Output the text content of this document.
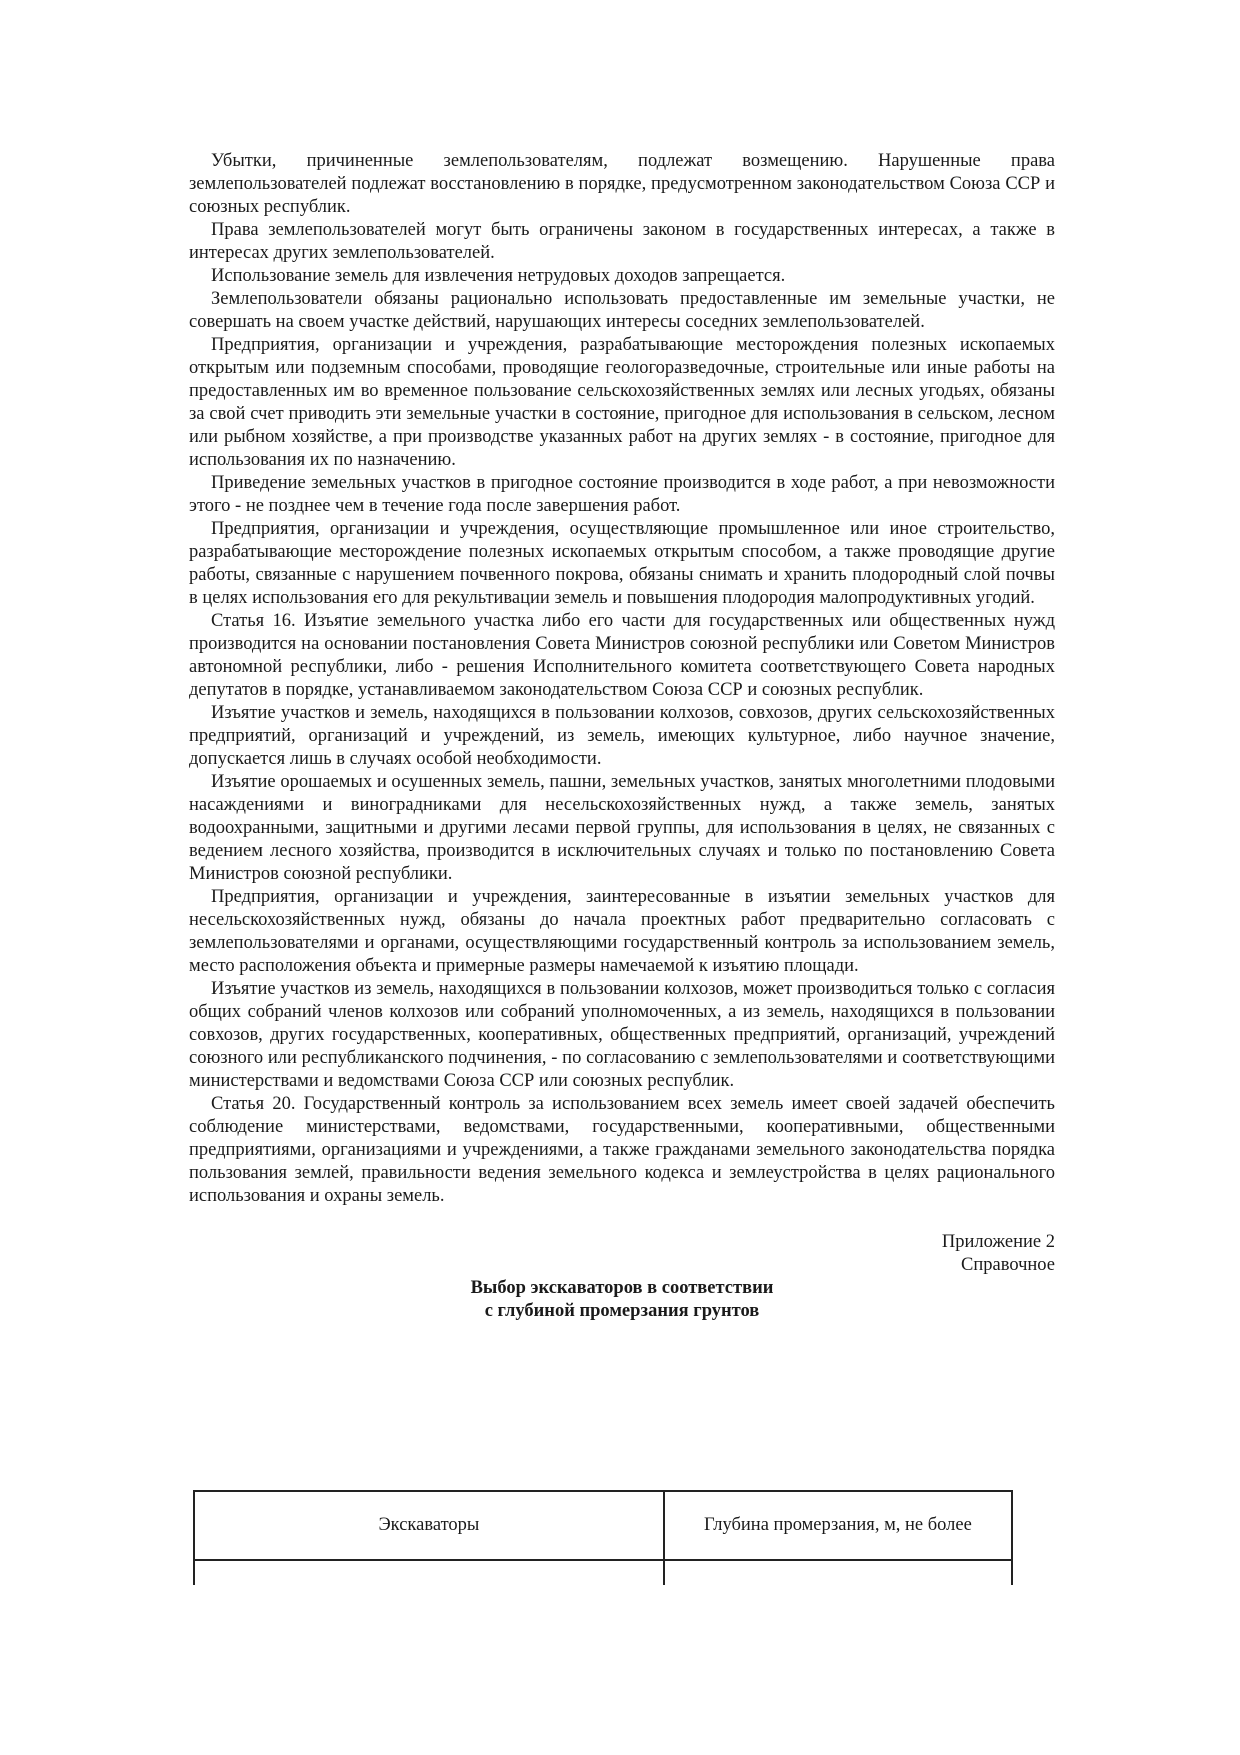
Убытки, причиненные землепользователям, подлежат возмещению. Нарушенные права землепользователей подлежат восстановлению в порядке, предусмотренном законодательством Союза ССР и союзных республик.

Права землепользователей могут быть ограничены законом в государственных интересах, а также в интересах других землепользователей.

Использование земель для извлечения нетрудовых доходов запрещается.

Землепользователи обязаны рационально использовать предоставленные им земельные участки, не совершать на своем участке действий, нарушающих интересы соседних землепользователей.

Предприятия, организации и учреждения, разрабатывающие месторождения полезных ископаемых открытым или подземным способами, проводящие геологоразведочные, строительные или иные работы на предоставленных им во временное пользование сельскохозяйственных землях или лесных угодьях, обязаны за свой счет приводить эти земельные участки в состояние, пригодное для использования в сельском, лесном или рыбном хозяйстве, а при производстве указанных работ на других землях - в состояние, пригодное для использования их по назначению.

Приведение земельных участков в пригодное состояние производится в ходе работ, а при невозможности этого - не позднее чем в течение года после завершения работ.

Предприятия, организации и учреждения, осуществляющие промышленное или иное строительство, разрабатывающие месторождение полезных ископаемых открытым способом, а также проводящие другие работы, связанные с нарушением почвенного покрова, обязаны снимать и хранить плодородный слой почвы в целях использования его для рекультивации земель и повышения плодородия малопродуктивных угодий.

Статья 16. Изъятие земельного участка либо его части для государственных или общественных нужд производится на основании постановления Совета Министров союзной республики или Советом Министров автономной республики, либо - решения Исполнительного комитета соответствующего Совета народных депутатов в порядке, устанавливаемом законодательством Союза ССР и союзных республик.

Изъятие участков и земель, находящихся в пользовании колхозов, совхозов, других сельскохозяйственных предприятий, организаций и учреждений, из земель, имеющих культурное, либо научное значение, допускается лишь в случаях особой необходимости.

Изъятие орошаемых и осушенных земель, пашни, земельных участков, занятых многолетними плодовыми насаждениями и виноградниками для несельскохозяйственных нужд, а также земель, занятых водоохранными, защитными и другими лесами первой группы, для использования в целях, не связанных с ведением лесного хозяйства, производится в исключительных случаях и только по постановлению Совета Министров союзной республики.

Предприятия, организации и учреждения, заинтересованные в изъятии земельных участков для несельскохозяйственных нужд, обязаны до начала проектных работ предварительно согласовать с землепользователями и органами, осуществляющими государственный контроль за использованием земель, место расположения объекта и примерные размеры намечаемой к изъятию площади.

Изъятие участков из земель, находящихся в пользовании колхозов, может производиться только с согласия общих собраний членов колхозов или собраний уполномоченных, а из земель, находящихся в пользовании совхозов, других государственных, кооперативных, общественных предприятий, организаций, учреждений союзного или республиканского подчинения, - по согласованию с землепользователями и соответствующими министерствами и ведомствами Союза ССР или союзных республик.

Статья 20. Государственный контроль за использованием всех земель имеет своей задачей обеспечить соблюдение министерствами, ведомствами, государственными, кооперативными, общественными предприятиями, организациями и учреждениями, а также гражданами земельного законодательства порядка пользования землей, правильности ведения земельного кодекса и землеустройства в целях рационального использования и охраны земель.

Приложение 2

Справочное

Выбор экскаваторов в соответствии

с глубиной промерзания грунтов

Экскаваторы	Глубина промерзания, м, не более
